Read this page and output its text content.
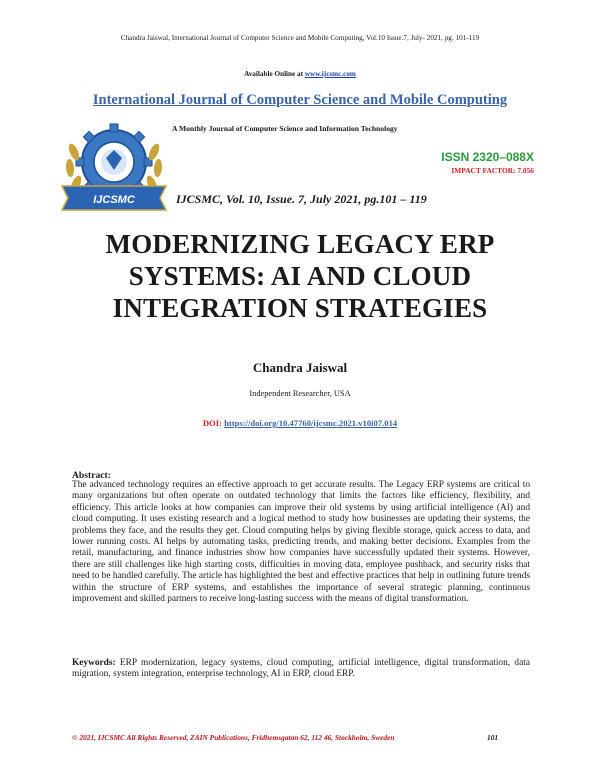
Chandra Jaiswal, International Journal of Computer Science and Mobile Computing, Vol.10 Issue.7, July- 2021, pg. 101-119
Available Online at www.ijcsmc.com
International Journal of Computer Science and Mobile Computing
IJCSMC
A Monthly Journal of Computer Science and Information Technology
ISSN 2320–088X
IMPACT FACTOR: 7.056
IJCSMC, Vol. 10, Issue. 7, July 2021, pg.101 – 119
MODERNIZING LEGACY ERP
SYSTEMS: AI AND CLOUD
INTEGRATION STRATEGIES
Chandra Jaiswal
Independent Researcher, USA
DOI: https://doi.org/10.47760/ijcsmc.2021.v10i07.014
Abstract:
The advanced technology requires an effective approach to get accurate results. The Legacy ERP systems are critical to many organizations but often operate on outdated technology that limits the factors like efficiency, flexibility, and efficiency. This article looks at how companies can improve their old systems by using artificial intelligence (AI) and cloud computing. It uses existing research and a logical method to study how businesses are updating their systems, the problems they face, and the results they get. Cloud computing helps by giving flexible storage, quick access to data, and lower running costs. AI helps by automating tasks, predicting trends, and making better decisions. Examples from the retail, manufacturing, and finance industries show how companies have successfully updated their systems. However, there are still challenges like high starting costs, difficulties in moving data, employee pushback, and security risks that need to be handled carefully. The article has highlighted the best and effective practices that help in outlining future trends within the structure of ERP systems, and establishes the importance of several strategic planning, continuous improvement and skilled partners to receive long-lasting success with the means of digital transformation.
Keywords: ERP modernization, legacy systems, cloud computing, artificial intelligence, digital transformation, data migration, system integration, enterprise technology, AI in ERP, cloud ERP.
© 2021, IJCSMC All Rights Reserved, ZAIN Publications, Fridhemsgatan 62, 112 46, Stockholm, Sweden	101
